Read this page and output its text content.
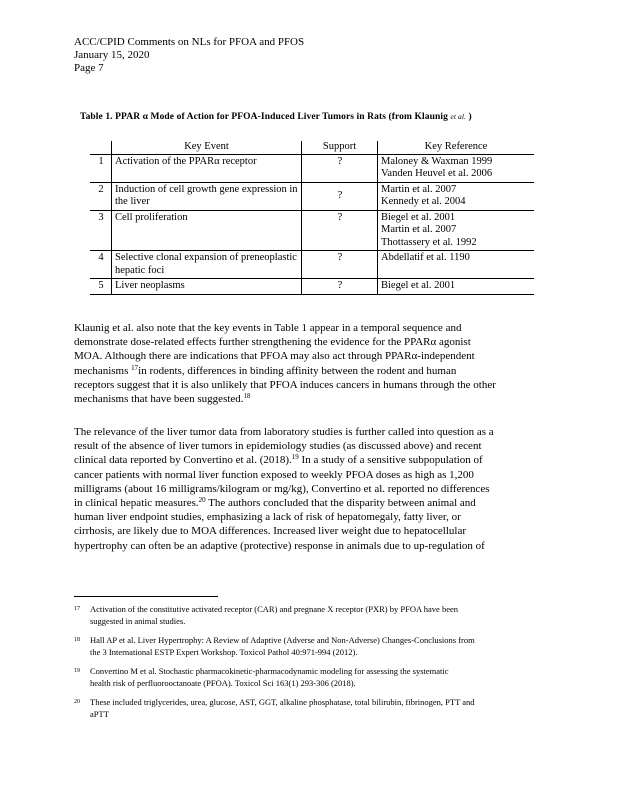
ACC/CPID Comments on NLs for PFOA and PFOS
January 15, 2020
Page 7
Table 1. PPAR α Mode of Action for PFOA-Induced Liver Tumors in Rats (from Klaunig et al. )
	Key Event	Support	Key Reference
1	Activation of the PPARα receptor	?	Maloney & Waxman 1999
Vanden Heuvel et al. 2006

2	Induction of cell growth gene expression in the liver	?	Martin et al. 2007
Kennedy et al. 2004

3	Cell proliferation	?	Biegel et al. 2001
Martin et al. 2007
Thottassery et al. 1992

4	Selective clonal expansion of preneoplastic hepatic foci	?	Abdellatif et al. 1190

5	Liver neoplasms	?	Biegel et al. 2001
Klaunig et al. also note that the key events in Table 1 appear in a temporal sequence and
demonstrate dose-related effects further strengthening the evidence for the PPARα agonist
MOA. Although there are indications that PFOA may also act through PPARα-independent
mechanisms $^{17}$in rodents, differences in binding affinity between the rodent and human
receptors suggest that it is also unlikely that PFOA induces cancers in humans through the other
mechanisms that have been suggested.$^{18}$
The relevance of the liver tumor data from laboratory studies is further called into question as a
result of the absence of liver tumors in epidemiology studies (as discussed above) and recent
clinical data reported by Convertino et al. (2018).$^{19}$ In a study of a sensitive subpopulation of
cancer patients with normal liver function exposed to weekly PFOA doses as high as 1,200
milligrams (about 16 milligrams/kilogram or mg/kg), Convertino et al. reported no differences
in clinical hepatic measures.$^{20}$ The authors concluded that the disparity between animal and
human liver endpoint studies, emphasizing a lack of risk of hepatomegaly, fatty liver, or
cirrhosis, are likely due to MOA differences. Increased liver weight due to hepatocellular
hypertrophy can often be an adaptive (protective) response in animals due to up-regulation of
17 Activation of the constitutive activated receptor (CAR) and pregnane X receptor (PXR) by PFOA have been
suggested in animal studies.
18 Hall AP et al. Liver Hypertrophy: A Review of Adaptive (Adverse and Non-Adverse) Changes-Conclusions from
the 3 International ESTP Expert Workshop. Toxicol Pathol 40:971-994 (2012).
19 Convertino M et al. Stochastic pharmacokinetic-pharmacodynamic modeling for assessing the systematic
health risk of perfluorooctanoate (PFOA). Toxicol Sci 163(1) 293-306 (2018).
20 These included triglycerides, urea, glucose, AST, GGT, alkaline phosphatase, total bilirubin, fibrinogen, PTT and
aPTT
